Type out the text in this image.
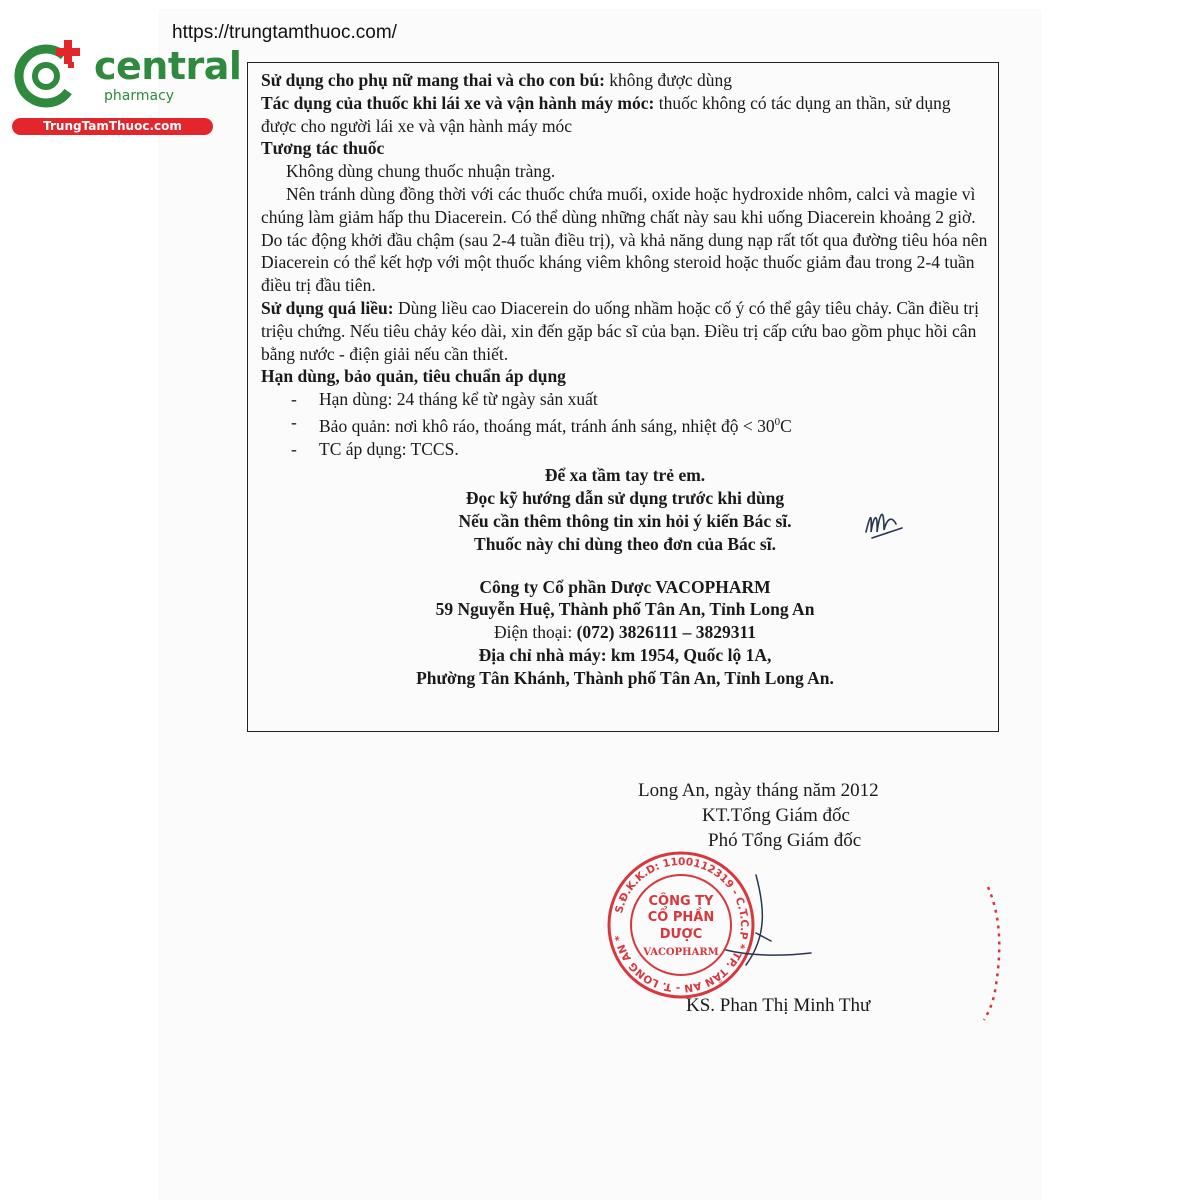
https://trungtamthuoc.com/
central
pharmacy
TrungTamThuoc.com

Sử dụng cho phụ nữ mang thai và cho con bú: không được dùng

Tác dụng của thuốc khi lái xe và vận hành máy móc: thuốc không có tác dụng an thần, sử dụng được cho người lái xe và vận hành máy móc

Tương tác thuốc

Không dùng chung thuốc nhuận tràng.

Nên tránh dùng đồng thời với các thuốc chứa muối, oxide hoặc hydroxide nhôm, calci và magie vì chúng làm giảm hấp thu Diacerein. Có thể dùng những chất này sau khi uống Diacerein khoảng 2 giờ.

Do tác động khởi đầu chậm (sau 2-4 tuần điều trị), và khả năng dung nạp rất tốt qua đường tiêu hóa nên Diacerein có thể kết hợp với một thuốc kháng viêm không steroid hoặc thuốc giảm đau trong 2-4 tuần điều trị đầu tiên.

Sử dụng quá liều: Dùng liều cao Diacerein do uống nhầm hoặc cố ý có thể gây tiêu chảy. Cần điều trị triệu chứng. Nếu tiêu chảy kéo dài, xin đến gặp bác sĩ của bạn. Điều trị cấp cứu bao gồm phục hồi cân bằng nước - điện giải nếu cần thiết.

Hạn dùng, bảo quản, tiêu chuẩn áp dụng

- Hạn dùng: 24 tháng kể từ ngày sản xuất

- Bảo quản: nơi khô ráo, thoáng mát, tránh ánh sáng, nhiệt độ < $30^0C$

- TC áp dụng: TCCS.

Để xa tầm tay trẻ em.

Đọc kỹ hướng dẫn sử dụng trước khi dùng

Nếu cần thêm thông tin xin hỏi ý kiến Bác sĩ.

Thuốc này chỉ dùng theo đơn của Bác sĩ.

Công ty Cổ phần Dược VACOPHARM

59 Nguyễn Huệ, Thành phố Tân An, Tỉnh Long An

Điện thoại: (072) 3826111 – 3829311

Địa chỉ nhà máy: km 1954, Quốc lộ 1A,

Phường Tân Khánh, Thành phố Tân An, Tỉnh Long An.

Long An, ngày tháng năm 2012
KT.Tổng Giám đốc
Phó Tổng Giám đốc
KS. Phan Thị Minh Thư
S.Đ.K.K.D: 1100112319 - C.T.C.P * TP. TÂN AN - T. LONG AN *
CÔNG TY
CỔ PHẦN
DƯỢC
VACOPHARM
